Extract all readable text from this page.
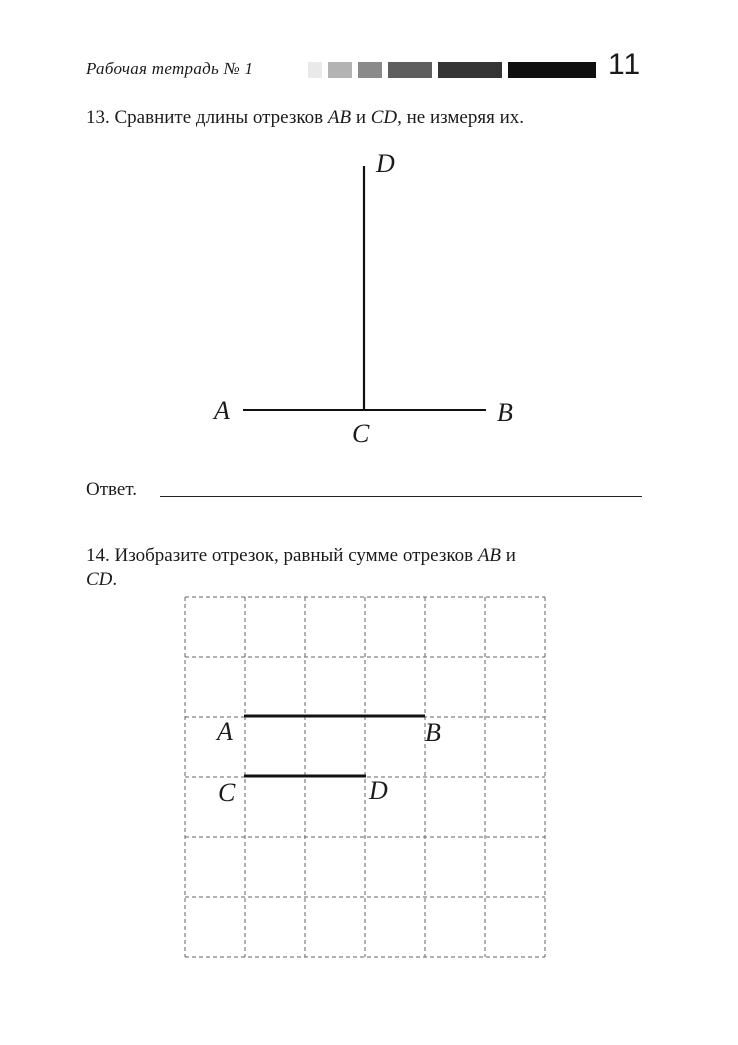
Рабочая тетрадь № 1	11
13. Сравните длины отрезков AB и CD, не измеряя их.
A	B
C
D
Ответ.
14. Изобразите отрезок, равный сумме отрезков AB и
CD.
A	B
C	D
